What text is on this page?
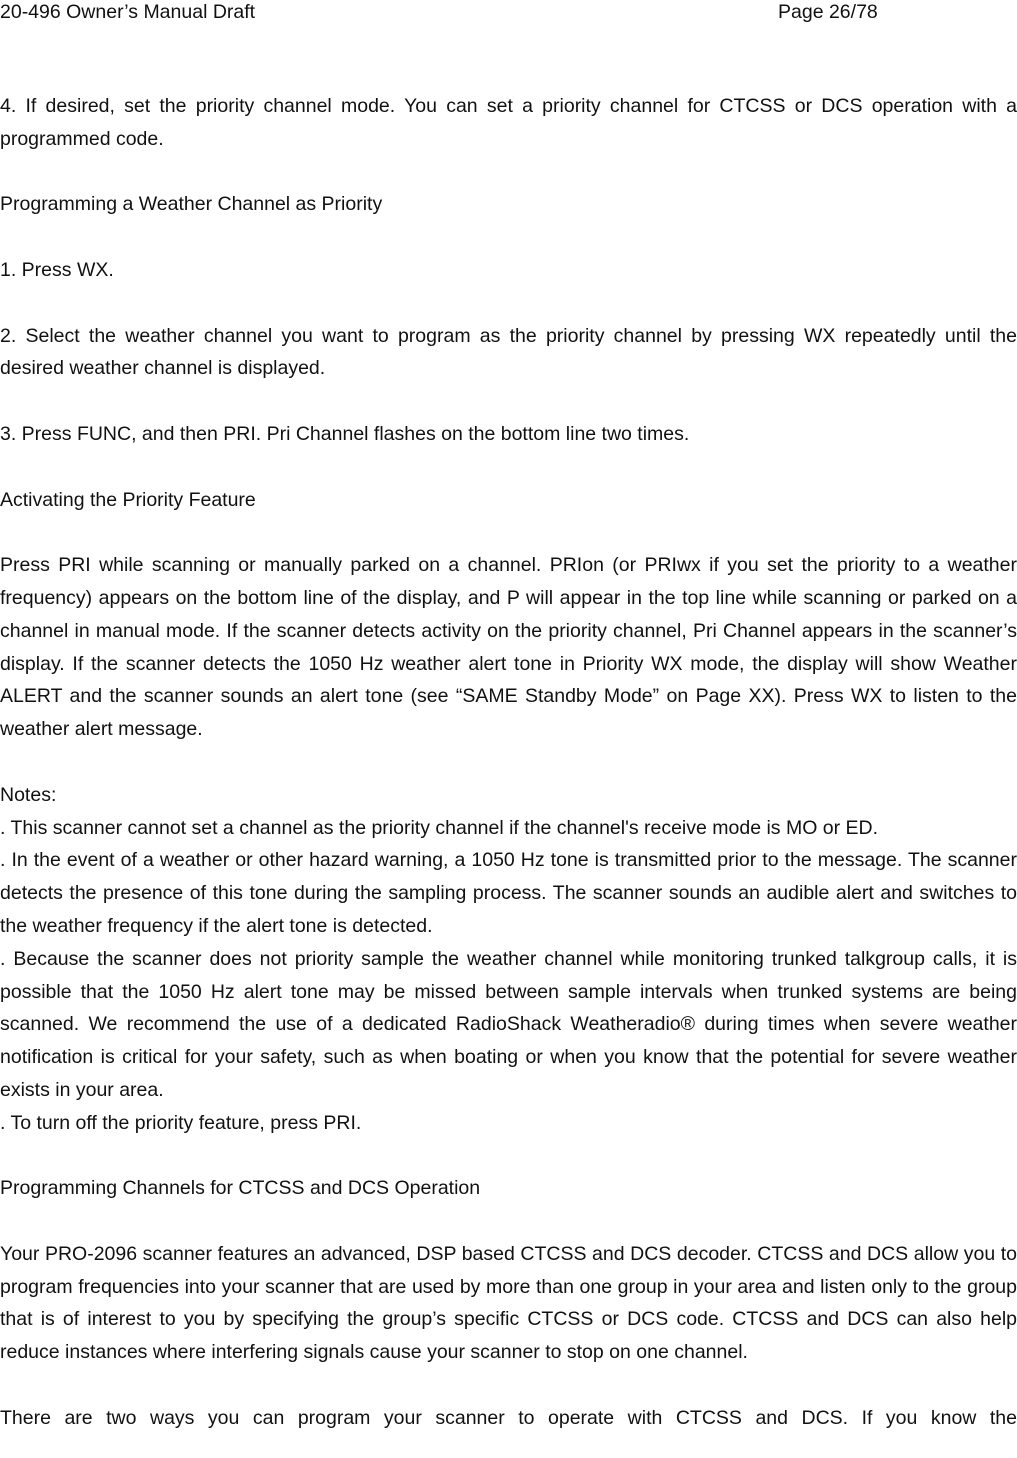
20-496 Owner’s Manual Draft	Page 26/78

4. If desired, set the priority channel mode. You can set a priority channel for CTCSS or DCS operation with a programmed code.

Programming a Weather Channel as Priority

1. Press WX.

2. Select the weather channel you want to program as the priority channel by pressing WX repeatedly until the desired weather channel is displayed.

3. Press FUNC, and then PRI. Pri Channel flashes on the bottom line two times.

Activating the Priority Feature

Press PRI while scanning or manually parked on a channel. PRIon (or PRIwx if you set the priority to a weather frequency) appears on the bottom line of the display, and P will appear in the top line while scanning or parked on a channel in manual mode. If the scanner detects activity on the priority channel, Pri Channel appears in the scanner’s display. If the scanner detects the 1050 Hz weather alert tone in Priority WX mode, the display will show Weather ALERT and the scanner sounds an alert tone (see “SAME Standby Mode” on Page XX). Press WX to listen to the weather alert message.

Notes:

. This scanner cannot set a channel as the priority channel if the channel's receive mode is MO or ED.

. In the event of a weather or other hazard warning, a 1050 Hz tone is transmitted prior to the message. The scanner detects the presence of this tone during the sampling process. The scanner sounds an audible alert and switches to the weather frequency if the alert tone is detected.

. Because the scanner does not priority sample the weather channel while monitoring trunked talkgroup calls, it is possible that the 1050 Hz alert tone may be missed between sample intervals when trunked systems are being scanned. We recommend the use of a dedicated RadioShack Weatheradio® during times when severe weather notification is critical for your safety, such as when boating or when you know that the potential for severe weather exists in your area.

. To turn off the priority feature, press PRI.

Programming Channels for CTCSS and DCS Operation

Your PRO-2096 scanner features an advanced, DSP based CTCSS and DCS decoder. CTCSS and DCS allow you to program frequencies into your scanner that are used by more than one group in your area and listen only to the group that is of interest to you by specifying the group’s specific CTCSS or DCS code. CTCSS and DCS can also help reduce instances where interfering signals cause your scanner to stop on one channel.

There are two ways you can program your scanner to operate with CTCSS and DCS. If you know the
